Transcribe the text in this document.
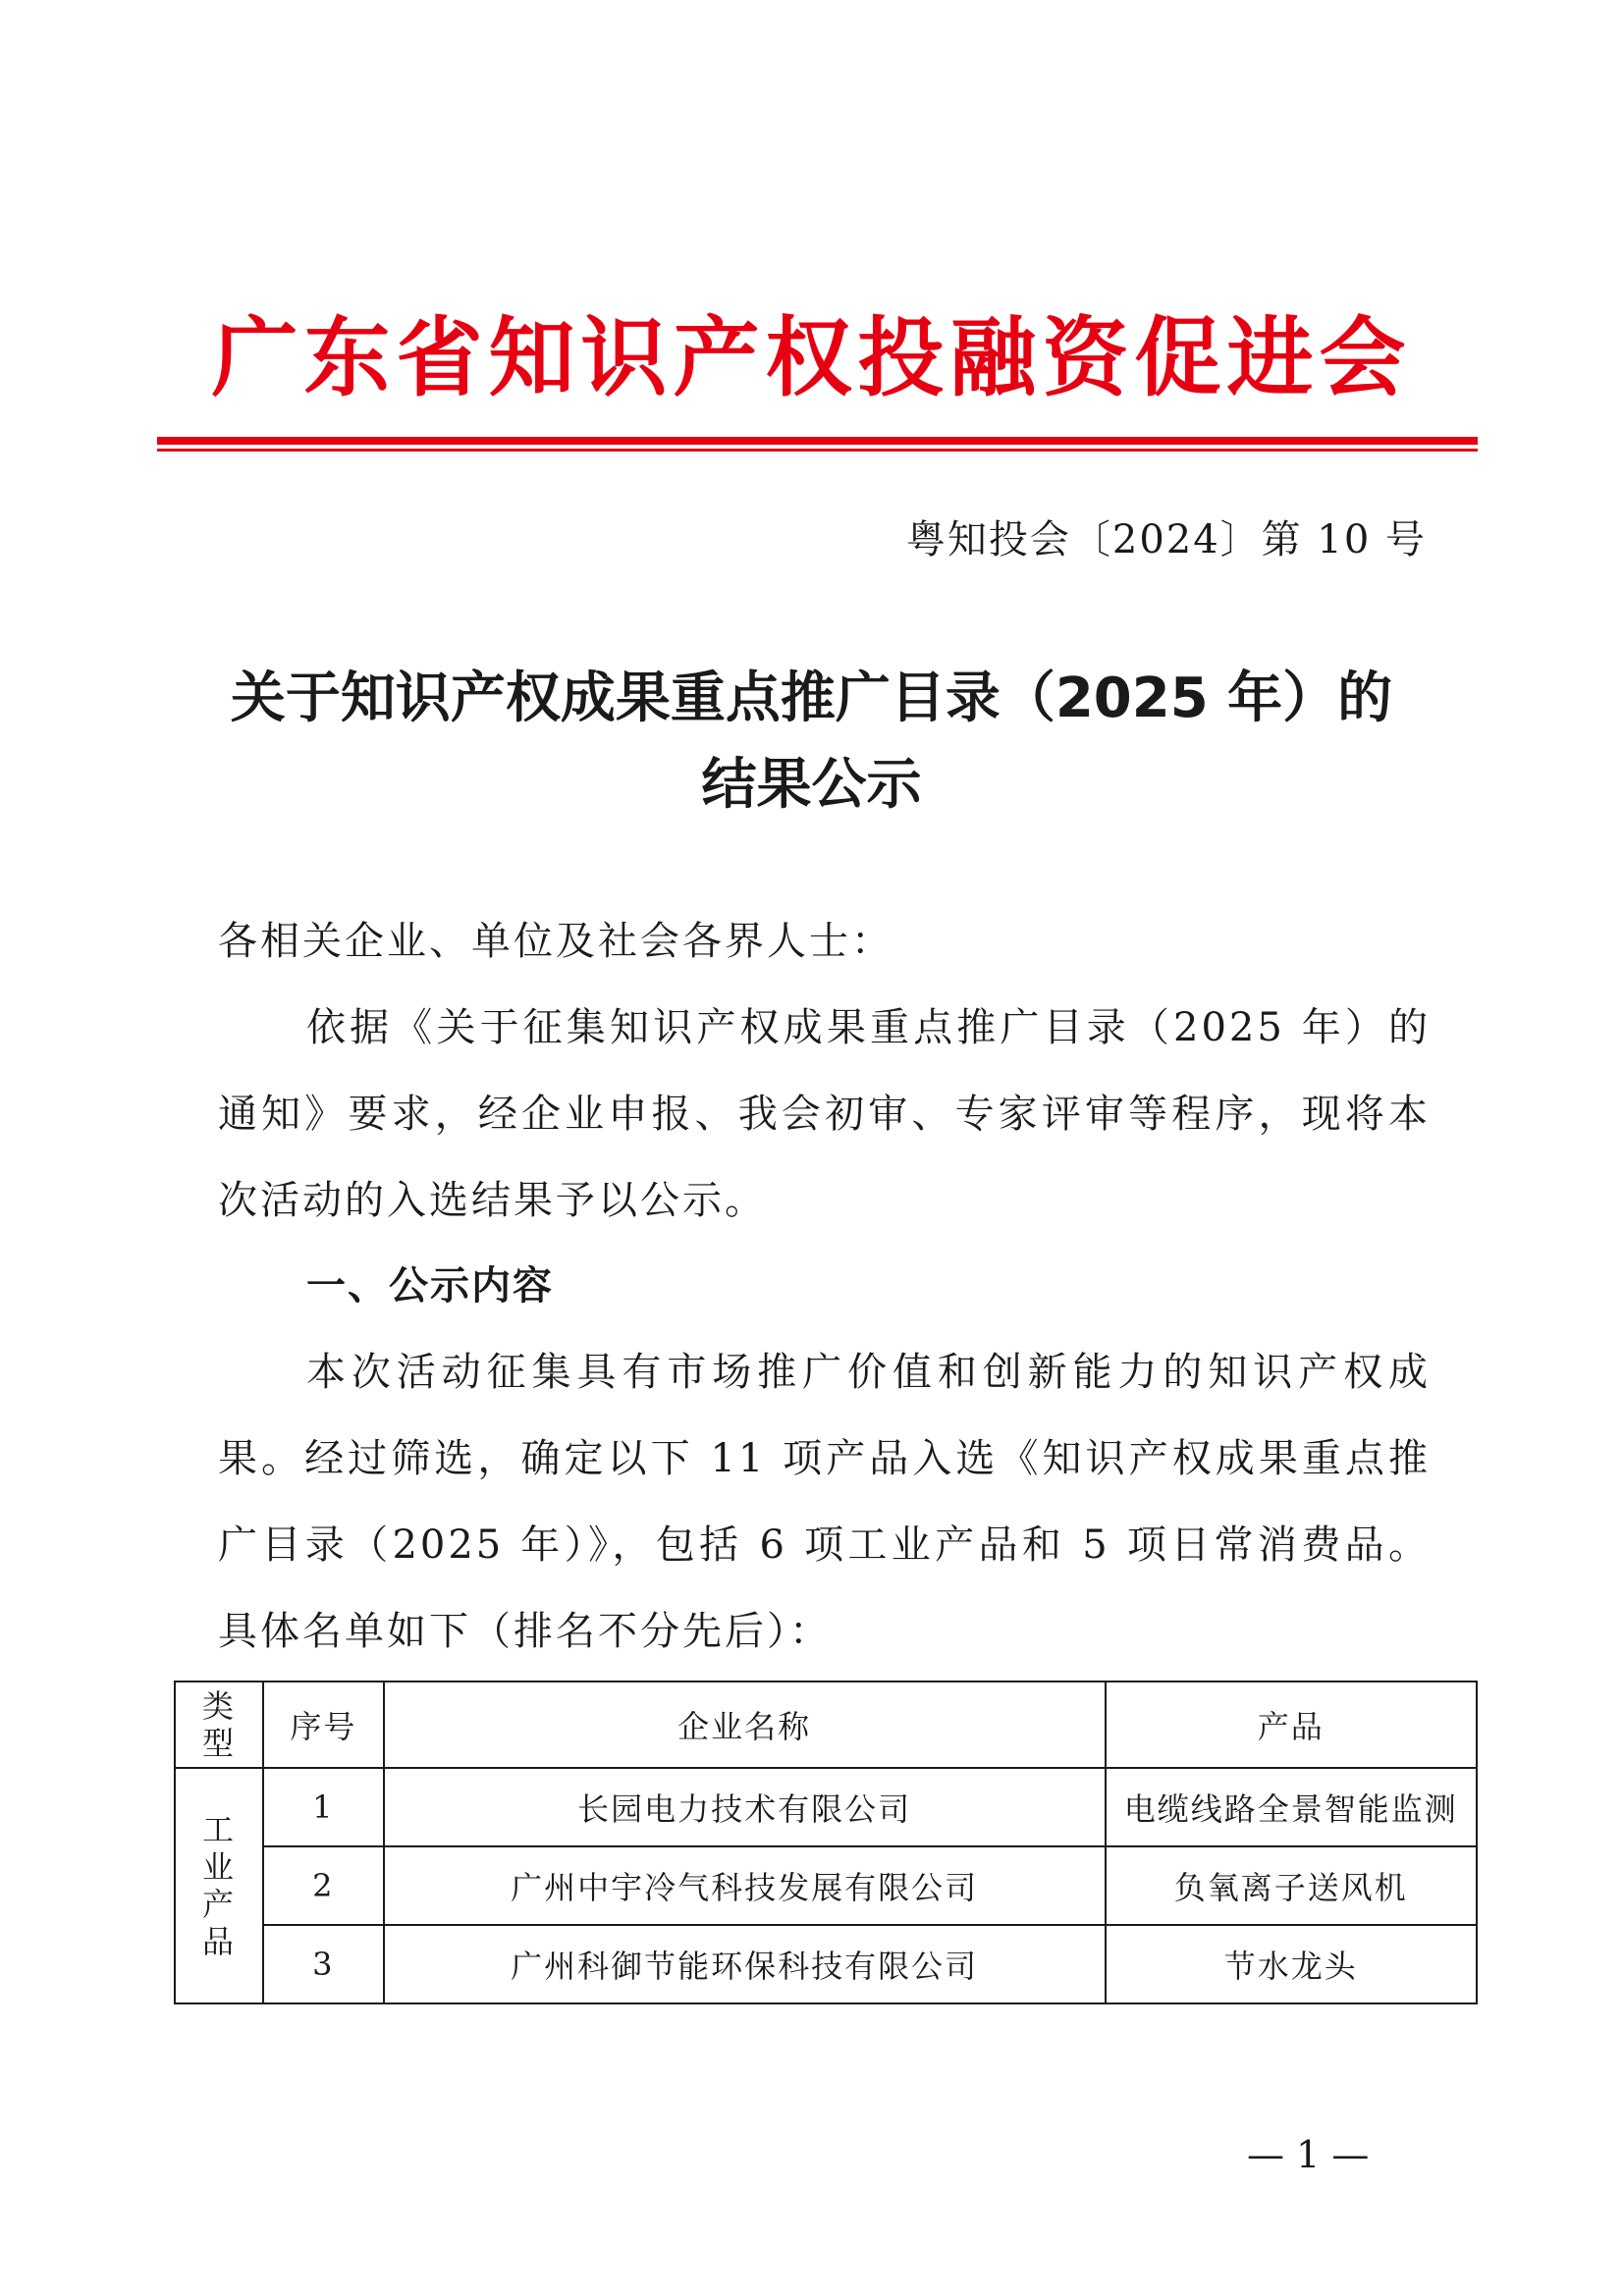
广东省知识产权投融资促进会
粤知投会〔2024〕第 10 号
关于知识产权成果重点推广目录（2025 年）的
结果公示
各相关企业、单位及社会各界人士：
依据《关于征集知识产权成果重点推广目录（2025 年）的通知》要求，经企业申报、我会初审、专家评审等程序，现将本次活动的入选结果予以公示。
一、公示内容
本次活动征集具有市场推广价值和创新能力的知识产权成果。经过筛选，确定以下 11 项产品入选《知识产权成果重点推广目录（2025 年）》，包括 6 项工业产品和 5 项日常消费品。具体名单如下（排名不分先后）：
类型	序号	企业名称	产品
工业产品	1	长园电力技术有限公司	电缆线路全景智能监测
	2	广州中宇冷气科技发展有限公司	负氧离子送风机
	3	广州科御节能环保科技有限公司	节水龙头
— 1 —
